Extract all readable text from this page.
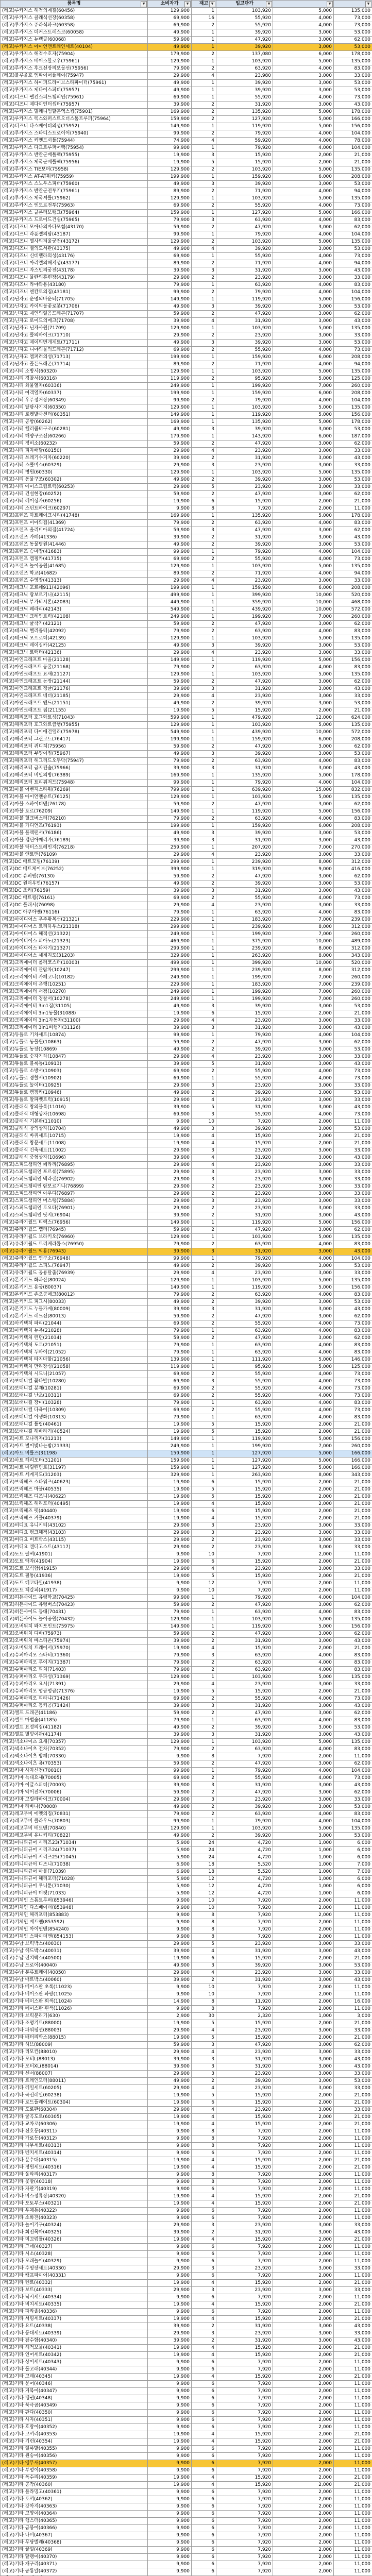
품목명 ▼	소비자가 ▼	재고 ▼	입고단가 ▼	▼	▼

(레고)루카지스 해적의계절(60456)	129,900	1	103,920	5,000	135,000
(레고)루카지스 클래식선장(60358)	69,900	16	55,920	4,000	73,000
(레고)루카지스 쥬라식파크(60358)	69,900	2	55,920	4,000	73,000
(레고)루카지스 더커스트레스코(60058)	49,900	1	39,920	3,000	53,000
(레고)루카지스 뉴렉클(60068)	59,900	1	47,920	3,000	62,000
(레고)루카지스 아이언맨트래인세트(40104)	49,900	1	39,920	3,000	53,000
(레고)루카지스 해적수호자(75904)	179,900	2	137,080	6,000	178,000
(레고)루카지스 베어스할로우(75961)	129,900	1	103,920	5,000	135,000
(레고)루카지스 후크선장의보물선(75956)	79,900	2	63,920	4,000	83,000
(레고)블루울호 엠파이어플레이(75947)	29,900	4	23,980	3,000	33,000
(레고)루카지스 하이퍼드라이브스타파이터(75961)	49,900	1	39,920	3,000	53,000
(레고)루카지스 제다이스피더(75957)	49,900	1	39,920	3,000	53,000
(레고)디즈니 팰컨스피드챔피언(75961)	69,900	1	55,920	4,000	73,000
(레고)디즈니 제다이인터셉터(75957)	39,900	2	31,920	3,000	43,000
(레고)루카지스 밀레니엄팔콘엑스윙(75901)	169,900	2	135,920	5,000	178,000
(레고)루카지스 렉스와퍼스트오더스톰트루퍼(75964)	159,900	2	127,920	5,000	166,000
(레고)디즈니 다스베이더의성(75952)	149,900	1	119,920	5,000	156,000
(레고)루카지스 스타디스트로이어(75940)	99,900	2	79,920	4,000	104,000
(레고)루카지스 커맨드셔틀(75944)	74,900	4	59,920	4,000	78,000
(레고)루카지스 다크트루퍼어택(75954)	99,900	1	79,920	4,000	104,000
(레고)루카지스 반란군배틀팩(75955)	19,900	3	15,920	2,000	21,000
(레고)루카지스 제국군배틀팩(75956)	19,900	5	15,920	2,000	21,000
(레고)루카지스 TIE보머(75958)	129,900	2	103,920	5,000	135,000
(레고)루카지스 AT-AT워커(75959)	199,900	1	159,920	6,000	208,000
(레고)루카지스 스노우스피더(75960)	49,900	3	39,920	3,000	53,000
(레고)루카지스 반란군전투기(75961)	89,900	2	71,920	4,000	94,000
(레고)루카지스 제국셔틀(75962)	129,900	1	103,920	5,000	135,000
(레고)루카지스 엔도르전투(75963)	69,900	2	55,920	4,000	73,000
(레고)루카지스 클론터보탱크(75964)	159,900	1	127,920	5,000	166,000
(레고)루카지스 드로이드건쉽(75965)	79,900	3	63,920	4,000	83,000
(레고)디즈니 모아나의바다모험(43170)	59,900	2	47,920	3,000	62,000
(레고)디즈니 라푼젤의탑(43187)	99,900	1	79,920	4,000	104,000
(레고)디즈니 엘사의겨울궁전(43172)	129,900	2	103,920	5,000	135,000
(레고)디즈니 벨의도서관(43175)	49,900	4	39,920	3,000	53,000
(레고)디즈니 신데렐라의성(43176)	69,900	1	55,920	4,000	73,000
(레고)디즈니 아리엘의해저성(43177)	89,900	2	71,920	4,000	94,000
(레고)디즈니 자스민의궁전(43178)	39,900	3	31,920	3,000	43,000
(레고)디즈니 뮬란의훈련장(43179)	29,900	2	23,920	3,000	33,000
(레고)디즈니 라야와용(43180)	79,900	1	63,920	4,000	83,000
(레고)디즈니 엔칸토의집(43181)	99,900	2	79,920	4,000	104,000
(레고)닌자고 운명의바운티(71705)	149,900	1	119,920	5,000	156,000
(레고)닌자고 카이의불꽃로봇(71706)	49,900	3	39,920	3,000	53,000
(레고)닌자고 제인의얼음드래곤(71707)	59,900	2	47,920	3,000	62,000
(레고)닌자고 로이드의메크(71708)	39,900	4	31,920	3,000	43,000
(레고)닌자고 닌자사원(71709)	129,900	1	103,920	5,000	135,000
(레고)닌자고 콜의바이크(71710)	29,900	2	23,920	3,000	33,000
(레고)닌자고 제이의번개제트(71711)	49,900	3	39,920	3,000	53,000
(레고)닌자고 니야의물의드래곤(71712)	69,900	2	55,920	4,000	73,000
(레고)닌자고 엠퍼러의성(71713)	199,900	1	159,920	6,000	208,000
(레고)닌자고 골든드래곤(71714)	89,900	2	71,920	4,000	94,000
(레고)시티 소방서(60320)	129,900	1	103,920	5,000	135,000
(레고)시티 경찰서(60316)	119,900	2	95,920	5,000	125,000
(레고)시티 화물열차(60336)	249,900	1	199,920	7,000	260,000
(레고)시티 여객열차(60337)	199,900	1	159,920	6,000	208,000
(레고)시티 우주정거장(60349)	99,900	2	79,920	4,000	104,000
(레고)시티 달탐사기지(60350)	129,900	1	103,920	5,000	135,000
(레고)시티 로켓발사센터(60351)	149,900	1	119,920	5,000	156,000
(레고)시티 공항(60262)	169,900	1	135,920	5,000	178,000
(레고)시티 헬리콥터구조(60281)	49,900	3	39,920	3,000	53,000
(레고)시티 해양구조선(60266)	179,900	1	143,920	6,000	187,000
(레고)시티 정비소(60232)	59,900	2	47,920	3,000	62,000
(레고)시티 피자배달(60150)	29,900	4	23,920	3,000	33,000
(레고)시티 쓰레기수거차(60220)	39,900	2	31,920	3,000	43,000
(레고)시티 스쿨버스(60329)	29,900	3	23,920	3,000	33,000
(레고)시티 병원(60330)	129,900	1	103,920	5,000	135,000
(레고)시티 동물구조(60302)	49,900	2	39,920	3,000	53,000
(레고)시티 아이스크림트럭(60253)	29,900	5	23,920	3,000	33,000
(레고)시티 건설현장(60252)	59,900	2	47,920	3,000	62,000
(레고)시티 레이싱카(60256)	19,900	6	15,920	2,000	21,000
(레고)시티 스턴트바이크(60297)	9,900	8	7,920	2,000	11,000
(레고)프렌즈 하트레이크시티(41748)	169,900	1	135,920	5,000	178,000
(레고)프렌즈 미아의집(41369)	79,900	2	63,920	4,000	83,000
(레고)프렌즈 올리비아의집(41724)	59,900	3	47,920	3,000	62,000
(레고)프렌즈 카페(41336)	39,900	2	31,920	3,000	43,000
(레고)프렌즈 동물병원(41446)	49,900	2	39,920	3,000	53,000
(레고)프렌즈 승마장(41683)	99,900	1	79,920	4,000	104,000
(레고)프렌즈 캠핑카(41735)	69,900	2	55,920	4,000	73,000
(레고)프렌즈 놀이공원(41685)	129,900	1	103,920	5,000	135,000
(레고)프렌즈 학교(41682)	89,900	2	71,920	4,000	94,000
(레고)프렌즈 수영장(41313)	29,900	4	23,920	3,000	33,000
(레고)테크닉 포르쉐911(42096)	199,900	1	159,920	6,000	208,000
(레고)테크닉 람보르기니(42115)	499,900	1	399,920	10,000	520,000
(레고)테크닉 부가티시론(42083)	449,900	1	359,920	10,000	468,000
(레고)테크닉 페라리(42143)	549,900	1	439,920	10,000	572,000
(레고)테크닉 크레인트럭(42108)	249,900	1	199,920	7,000	260,000
(레고)테크닉 굴착기(42121)	59,900	2	47,920	3,000	62,000
(레고)테크닉 헬리콥터(42092)	79,900	2	63,920	4,000	83,000
(레고)테크닉 오프로더(42139)	129,900	1	103,920	5,000	135,000
(레고)테크닉 레이싱카(42125)	49,900	3	39,920	3,000	53,000
(레고)테크닉 트랙터(42136)	29,900	4	23,920	3,000	33,000
(레고)마인크래프트 마을(21128)	149,900	1	119,920	5,000	156,000
(레고)마인크래프트 동굴(21168)	79,900	2	63,920	4,000	83,000
(레고)마인크래프트 요새(21127)	129,900	1	103,920	5,000	135,000
(레고)마인크래프트 농장(21144)	59,900	2	47,920	3,000	62,000
(레고)마인크래프트 정글(21176)	39,900	3	31,920	3,000	43,000
(레고)마인크래프트 네더(21185)	29,900	4	23,920	3,000	33,000
(레고)마인크래프트 엔드(21151)	49,900	2	39,920	3,000	53,000
(레고)마인크래프트 집(21155)	19,900	5	15,920	2,000	21,000
(레고)해리포터 호그와트성(71043)	599,900	1	479,920	12,000	624,000
(레고)해리포터 호그와트급행(75955)	129,900	1	103,920	5,000	135,000
(레고)해리포터 다이애건앨리(75978)	549,900	1	439,920	10,000	572,000
(레고)해리포터 그린고트(76417)	199,900	1	159,920	6,000	208,000
(레고)해리포터 퀴디치(75956)	59,900	2	47,920	3,000	62,000
(레고)해리포터 부엉이집(75967)	49,900	3	39,920	3,000	53,000
(레고)해리포터 해그리드오두막(75947)	79,900	2	63,920	4,000	83,000
(레고)해리포터 금지된숲(75966)	39,900	3	31,920	3,000	43,000
(레고)해리포터 비밀의방(76389)	169,900	1	135,920	5,000	178,000
(레고)해리포터 트리위저드(75948)	99,900	1	79,920	4,000	104,000
(레고)마블 어벤져스타워(76269)	799,900	1	639,920	15,000	832,000
(레고)마블 아이언맨슈트(76125)	129,900	1	103,920	5,000	135,000
(레고)마블 스파이더맨(76178)	59,900	2	47,920	3,000	62,000
(레고)마블 토르(76209)	149,900	1	119,920	5,000	156,000
(레고)마블 헐크버스터(76210)	79,900	2	63,920	4,000	83,000
(레고)마블 가디언즈(76193)	199,900	1	159,920	6,000	208,000
(레고)마블 블랙팬서(76186)	49,900	3	39,920	3,000	53,000
(레고)마블 캡틴아메리카(76189)	39,900	3	31,920	3,000	43,000
(레고)마블 닥터스트레인지(76218)	259,900	1	207,920	7,000	270,000
(레고)마블 앤트맨(76109)	29,900	4	23,920	3,000	33,000
(레고)DC 배트모빌(76139)	299,900	1	239,920	8,000	312,000
(레고)DC 배트케이브(76252)	399,900	1	319,920	9,000	416,000
(레고)DC 슈퍼맨(76130)	59,900	2	47,920	3,000	62,000
(레고)DC 원더우먼(76157)	49,900	2	39,920	3,000	53,000
(레고)DC 조커(76159)	39,900	3	31,920	3,000	43,000
(레고)DC 배트윙(76161)	69,900	2	55,920	4,000	73,000
(레고)DC 플래시(76098)	29,900	4	23,920	3,000	33,000
(레고)DC 아쿠아맨(76116)	79,900	1	63,920	4,000	83,000
(레고)아이디어스 우주왕복선(21321)	229,900	1	183,920	7,000	239,000
(레고)아이디어스 트리하우스(21318)	299,900	1	239,920	8,000	312,000
(레고)아이디어스 해적선(21322)	249,900	1	199,920	7,000	260,000
(레고)아이디어스 피아노(21323)	469,900	1	375,920	10,000	489,000
(레고)아이디어스 타자기(21327)	299,900	1	239,920	8,000	312,000
(레고)아이디어스 세계지도(31203)	329,900	1	263,920	8,000	343,000
(레고)크리에이터 롤러코스터(10303)	499,900	1	399,920	10,000	520,000
(레고)크리에이터 관람차(10247)	299,900	1	239,920	8,000	312,000
(레고)크리에이터 카페코너(10182)	249,900	1	199,920	7,000	260,000
(레고)크리에이터 은행(10251)	229,900	1	183,920	7,000	239,000
(레고)크리에이터 서점(10270)	249,900	1	199,920	7,000	260,000
(레고)크리에이터 경찰서(10278)	249,900	1	199,920	7,000	260,000
(레고)크리에이터 3in1집(31105)	49,900	3	39,920	3,000	53,000
(레고)크리에이터 3in1동물(31088)	19,900	6	15,920	2,000	21,000
(레고)크리에이터 3in1자동차(31100)	29,900	4	23,920	3,000	33,000
(레고)크리에이터 3in1비행기(31126)	39,900	3	31,920	3,000	43,000
(레고)듀플로 기차세트(10874)	99,900	1	79,920	4,000	104,000
(레고)듀플로 동물원(10863)	59,900	2	47,920	3,000	62,000
(레고)듀플로 농장(10869)	49,900	2	39,920	3,000	53,000
(레고)듀플로 숫자기차(10847)	29,900	4	23,920	3,000	33,000
(레고)듀플로 블록통(10913)	39,900	5	31,920	3,000	43,000
(레고)듀플로 소방서(10903)	69,900	2	55,920	4,000	73,000
(레고)듀플로 경찰서(10902)	69,900	1	55,920	4,000	73,000
(레고)듀플로 놀이터(10925)	29,900	3	23,920	3,000	33,000
(레고)듀플로 캠핑카(10946)	49,900	2	39,920	3,000	53,000
(레고)듀플로 알파벳트럭(10915)	29,900	4	23,920	3,000	33,000
(레고)클래식 창의블록(11016)	39,900	5	31,920	3,000	43,000
(레고)클래식 대형상자(10698)	69,900	3	55,920	4,000	73,000
(레고)클래식 기본판(11010)	9,900	10	7,920	2,000	11,000
(레고)클래식 창의상자(10704)	49,900	3	39,920	3,000	53,000
(레고)클래식 바퀴세트(10715)	19,900	4	15,920	2,000	21,000
(레고)클래식 창문세트(11008)	19,900	4	15,920	2,000	21,000
(레고)클래식 건축세트(11002)	29,900	3	23,920	3,000	33,000
(레고)클래식 중형상자(10696)	39,900	4	31,920	3,000	43,000
(레고)스피드챔피언 페라리(76895)	29,900	4	23,920	3,000	33,000
(레고)스피드챔피언 포르쉐(75895)	29,900	3	23,920	3,000	33,000
(레고)스피드챔피언 맥라렌(76902)	29,900	3	23,920	3,000	33,000
(레고)스피드챔피언 람보르기니(76899)	29,900	2	23,920	3,000	33,000
(레고)스피드챔피언 아우디(76897)	29,900	2	23,920	3,000	33,000
(레고)스피드챔피언 머스탱(75884)	29,900	3	23,920	3,000	33,000
(레고)스피드챔피언 토요타(76901)	29,900	2	23,920	3,000	33,000
(레고)스피드챔피언 닷지(76904)	39,900	2	31,920	3,000	43,000
(레고)쥬라기월드 티렉스(76956)	149,900	1	119,920	5,000	156,000
(레고)쥬라기월드 랩터(76945)	59,900	2	47,920	3,000	62,000
(레고)쥬라기월드 브라키오(76960)	129,900	1	103,920	5,000	135,000
(레고)쥬라기월드 트리케라톱스(76950)	79,900	2	63,920	4,000	83,000
(레고)쥬라기월드 익룡(76943)	39,900	3	31,920	3,000	43,000
(레고)쥬라기월드 연구소(76948)	99,900	1	79,920	4,000	104,000
(레고)쥬라기월드 스피노(76947)	49,900	2	39,920	3,000	53,000
(레고)쥬라기월드 공룡탈출(76939)	29,900	4	23,920	3,000	33,000
(레고)몬키키드 화과산(80024)	129,900	1	103,920	5,000	135,000
(레고)몬키키드 용궁(80037)	149,900	1	119,920	5,000	156,000
(레고)몬키키드 손오공메크(80012)	79,900	2	63,920	4,000	83,000
(레고)몬키키드 피그시(80033)	49,900	2	39,920	3,000	53,000
(레고)몬키키드 누들가게(80009)	39,900	3	31,920	3,000	43,000
(레고)몬키키드 레드선(80013)	59,900	2	47,920	3,000	62,000
(레고)아키텍처 파리(21044)	69,900	2	55,920	4,000	73,000
(레고)아키텍처 뉴욕(21028)	79,900	1	63,920	4,000	83,000
(레고)아키텍처 런던(21034)	59,900	2	47,920	3,000	62,000
(레고)아키텍처 도쿄(21051)	79,900	1	63,920	4,000	83,000
(레고)아키텍처 두바이(21052)	79,900	1	63,920	4,000	83,000
(레고)아키텍처 타지마할(21056)	139,900	1	111,920	5,000	146,000
(레고)아키텍처 만리장성(21058)	119,900	1	95,920	5,000	125,000
(레고)아키텍처 시드니(21057)	69,900	2	55,920	4,000	73,000
(레고)보태니컬 꽃다발(10280)	69,900	3	55,920	4,000	73,000
(레고)보태니컬 분재(10281)	69,900	2	55,920	4,000	73,000
(레고)보태니컬 난초(10311)	69,900	2	55,920	4,000	73,000
(레고)보태니컬 장미(10328)	79,900	1	63,920	4,000	83,000
(레고)보태니컬 다육이(10309)	69,900	2	55,920	4,000	73,000
(레고)보태니컬 야생화(10313)	79,900	1	63,920	4,000	83,000
(레고)보태니컬 튤립(40461)	19,900	5	15,920	2,000	21,000
(레고)보태니컬 해바라기(40524)	19,900	5	15,920	2,000	21,000
(레고)아트 모나리자(31213)	149,900	1	119,920	5,000	156,000
(레고)아트 별이빛나는밤(21333)	249,900	1	199,920	7,000	260,000
(레고)아트 비틀즈(31198)	159,900	1	127,920	5,000	166,000
(레고)아트 해리포터(31201)	159,900	1	127,920	5,000	166,000
(레고)아트 마릴린먼로(31197)	159,900	1	127,920	5,000	166,000
(레고)아트 세계지도(31203)	329,900	1	263,920	8,000	343,000
(레고)브릭헤즈 스타워즈(40623)	19,900	6	15,920	2,000	21,000
(레고)브릭헤즈 마블(40535)	19,900	5	15,920	2,000	21,000
(레고)브릭헤즈 디즈니(40622)	19,900	5	15,920	2,000	21,000
(레고)브릭헤즈 해리포터(40495)	19,900	4	15,920	2,000	21,000
(레고)브릭헤즈 펫(40440)	19,900	6	15,920	2,000	21,000
(레고)브릭헤즈 커플(40379)	19,900	4	15,920	2,000	21,000
(레고)비디요 유니키티(43102)	29,900	3	23,920	3,000	33,000
(레고)비디요 펑크해적(43103)	29,900	3	23,920	3,000	33,000
(레고)비디요 비트박스(43115)	29,900	2	23,920	3,000	33,000
(레고)비디요 캔디고스트(43117)	29,900	2	23,920	3,000	33,000
(레고)도트 팔찌(41901)	9,900	10	7,920	2,000	11,000
(레고)도트 액자(41904)	19,900	6	15,920	2,000	21,000
(레고)도트 보석함(41915)	29,900	4	23,920	3,000	33,000
(레고)도트 필통(41936)	19,900	5	15,920	2,000	21,000
(레고)도트 데코타일(41938)	9,900	12	7,920	2,000	11,000
(레고)도트 책갈피(41917)	9,900	10	7,920	2,000	11,000
(레고)히든사이드 유령학교(70425)	99,900	1	79,920	4,000	104,000
(레고)히든사이드 유령버스(70423)	59,900	2	47,920	3,000	62,000
(레고)히든사이드 등대(70431)	79,900	1	63,920	4,000	83,000
(레고)히든사이드 놀이공원(70432)	129,900	1	103,920	5,000	135,000
(레고)오버워치 와치포인트(75975)	149,900	1	119,920	5,000	156,000
(레고)오버워치 디바(75973)	59,900	2	47,920	3,000	62,000
(레고)오버워치 바스티온(75974)	39,900	2	31,920	3,000	43,000
(레고)오버워치 트레이서(75970)	19,900	4	15,920	2,000	21,000
(레고)슈퍼마리오 스타터(71360)	79,900	3	63,920	4,000	83,000
(레고)슈퍼마리오 루이지(71387)	79,900	2	63,920	4,000	83,000
(레고)슈퍼마리오 피치(71403)	79,900	2	63,920	4,000	83,000
(레고)슈퍼마리오 쿠파성(71369)	129,900	1	103,920	5,000	135,000
(레고)슈퍼마리오 요시(71391)	29,900	4	23,920	3,000	33,000
(레고)슈퍼마리오 엉금엉금(71376)	19,900	5	15,920	2,000	21,000
(레고)슈퍼마리오 피라냐(71426)	69,900	2	55,920	4,000	73,000
(레고)슈퍼마리오 동키콩(71424)	39,900	3	31,920	3,000	43,000
(레고)엘프 드래곤(41186)	59,900	2	47,920	3,000	62,000
(레고)엘프 마법숲(41185)	79,900	1	63,920	4,000	83,000
(레고)엘프 요정의집(41182)	49,900	2	39,920	3,000	53,000
(레고)엘프 별빛여관(41174)	39,900	3	31,920	3,000	43,000
(레고)넥소나이츠 요새(70357)	129,900	1	103,920	5,000	135,000
(레고)넥소나이츠 전차(70352)	79,900	2	63,920	4,000	83,000
(레고)넥소나이츠 방패(70330)	9,900	8	7,920	2,000	11,000
(레고)넥소나이츠 용(70353)	59,900	2	47,920	3,000	62,000
(레고)키마 사자신전(70010)	99,900	1	79,920	4,000	104,000
(레고)키마 늑대요새(70005)	69,900	2	55,920	4,000	73,000
(레고)키마 이글스피더(70003)	39,900	3	31,920	3,000	43,000
(레고)키마 악어전차(70006)	59,900	2	47,920	3,000	62,000
(레고)키마 고릴라바이크(70004)	29,900	3	23,920	3,000	33,000
(레고)키마 라바나(70008)	49,900	2	39,920	3,000	53,000
(레고)레고무비 에멧의집(70831)	79,900	2	63,920	4,000	83,000
(레고)레고무비 클라우드(70803)	99,900	1	79,920	4,000	104,000
(레고)레고무비 배트맨(70840)	129,900	1	103,920	5,000	135,000
(레고)레고무비 유니키티(70822)	49,900	2	39,920	3,000	53,000
(레고)미니피규어 시리즈23(71034)	5,900	24	4,720	1,000	6,000
(레고)미니피규어 시리즈24(71037)	5,900	24	4,720	1,000	6,000
(레고)미니피규어 시리즈25(71045)	5,900	24	4,720	1,000	6,000
(레고)미니피규어 디즈니(71038)	6,900	18	5,520	1,000	7,000
(레고)미니피규어 마블(71039)	6,900	18	5,520	1,000	7,000
(레고)미니피규어 해리포터(71028)	5,900	12	4,720	1,000	6,000
(레고)미니피규어 루니툰(71030)	5,900	12	4,720	1,000	6,000
(레고)미니피규어 머펫(71033)	5,900	12	4,720	1,000	6,000
(레고)키체인 스톰트루퍼(853946)	9,900	10	7,920	2,000	11,000
(레고)키체인 다스베이더(853948)	9,900	10	7,920	2,000	11,000
(레고)키체인 해리포터(853883)	9,900	8	7,920	2,000	11,000
(레고)키체인 배트맨(853592)	9,900	8	7,920	2,000	11,000
(레고)키체인 아이언맨(854240)	9,900	8	7,920	2,000	11,000
(레고)키체인 스파이더맨(854153)	9,900	8	7,920	2,000	11,000
(레고)수납 브릭박스(40030)	29,900	5	23,920	3,000	33,000
(레고)수납 헤드박스(40031)	39,900	4	31,920	3,000	43,000
(레고)수납 런치박스(40500)	19,900	6	15,920	2,000	21,000
(레고)수납 드로어(40040)	49,900	3	39,920	3,000	53,000
(레고)수납 분류트레이(40050)	29,900	4	23,920	3,000	33,000
(레고)수납 매트박스(40060)	39,900	2	31,920	3,000	43,000
(레고)기타 베이스판 초록(11023)	9,900	10	7,920	2,000	11,000
(레고)기타 베이스판 파랑(11025)	9,900	10	7,920	2,000	11,000
(레고)기타 베이스판 회색(11024)	14,900	8	11,920	2,000	16,000
(레고)기타 베이스판 흰색(11026)	9,900	8	7,920	2,000	11,000
(레고)기타 브릭분리기(630)	2,900	30	2,320	1,000	3,000
(레고)기타 조명키트(88000)	19,900	5	15,920	2,000	21,000
(레고)기타 파워펑션(88003)	29,900	4	23,920	3,000	33,000
(레고)기타 배터리박스(88015)	19,900	5	15,920	2,000	21,000
(레고)기타 허브(88009)	59,900	3	47,920	3,000	62,000
(레고)기타 리모컨(88010)	29,900	4	23,920	3,000	33,000
(레고)기타 모터L(88013)	39,900	3	31,920	3,000	43,000
(레고)기타 모터XL(88014)	39,900	3	31,920	3,000	43,000
(레고)기타 센서(88007)	29,900	3	23,920	3,000	33,000
(레고)기타 트레인모터(88011)	49,900	2	39,920	3,000	53,000
(레고)기타 레일세트(60205)	29,900	4	23,920	3,000	33,000
(레고)기타 곡선레일(60238)	19,900	5	15,920	2,000	21,000
(레고)기타 로드플레이트(60304)	19,900	6	15,920	2,000	21,000
(레고)기타 도로판(60304)	29,900	4	23,920	3,000	33,000
(레고)기타 굴곡도로(60305)	19,900	4	15,920	2,000	21,000
(레고)기타 교차로(60306)	19,900	4	15,920	2,000	21,000
(레고)기타 신호등(40311)	9,900	8	7,920	2,000	11,000
(레고)기타 가로등(40312)	9,900	8	7,920	2,000	11,000
(레고)기타 나무세트(40313)	9,900	8	7,920	2,000	11,000
(레고)기타 벤치세트(40314)	9,900	6	7,920	2,000	11,000
(레고)기타 분수대(40315)	19,900	4	15,920	2,000	21,000
(레고)기타 정원세트(40316)	19,900	4	15,920	2,000	21,000
(레고)기타 울타리(40317)	9,900	8	7,920	2,000	11,000
(레고)기타 꽃밭(40318)	9,900	8	7,920	2,000	11,000
(레고)기타 자판기(40319)	9,900	6	7,920	2,000	11,000
(레고)기타 버스정류장(40320)	19,900	4	15,920	2,000	21,000
(레고)기타 포토부스(40321)	19,900	4	15,920	2,000	21,000
(레고)기타 우체통(40322)	9,900	6	7,920	2,000	11,000
(레고)기타 소화전(40323)	9,900	6	7,920	2,000	11,000
(레고)기타 놀이기구(40324)	29,900	3	23,920	3,000	33,000
(레고)기타 회전목마(40325)	39,900	2	31,920	3,000	43,000
(레고)기타 미끄럼틀(40326)	19,900	4	15,920	2,000	21,000
(레고)기타 그네(40327)	9,900	6	7,920	2,000	11,000
(레고)기타 시소(40328)	9,900	6	7,920	2,000	11,000
(레고)기타 모래놀이(40329)	9,900	6	7,920	2,000	11,000
(레고)기타 수영장세트(40330)	29,900	3	23,920	3,000	33,000
(레고)기타 캠프파이어(40331)	9,900	6	7,920	2,000	11,000
(레고)기타 텐트(40332)	19,900	4	15,920	2,000	21,000
(레고)기타 보트(40333)	29,900	3	23,920	3,000	33,000
(레고)기타 낚시세트(40334)	9,900	6	7,920	2,000	11,000
(레고)기타 비치세트(40335)	19,900	4	15,920	2,000	21,000
(레고)기타 파라솔(40336)	9,900	6	7,920	2,000	11,000
(레고)기타 서핑세트(40337)	19,900	4	15,920	2,000	21,000
(레고)기타 요트(40338)	39,900	2	31,920	3,000	43,000
(레고)기타 등대세트(40339)	29,900	3	23,920	3,000	33,000
(레고)기타 잠수함(40340)	39,900	2	31,920	3,000	43,000
(레고)기타 해적보물(40341)	19,900	4	15,920	2,000	21,000
(레고)기타 인어세트(40342)	19,900	4	15,920	2,000	21,000
(레고)기타 상어세트(40343)	9,900	6	7,920	2,000	11,000
(레고)기타 돌고래(40344)	9,900	6	7,920	2,000	11,000
(레고)기타 고래(40345)	19,900	4	15,920	2,000	21,000
(레고)기타 문어(40346)	9,900	6	7,920	2,000	11,000
(레고)기타 거북이(40347)	9,900	6	7,920	2,000	11,000
(레고)기타 펭귄(40348)	9,900	6	7,920	2,000	11,000
(레고)기타 북극곰(40349)	9,900	6	7,920	2,000	11,000
(레고)기타 판다(40350)	9,900	6	7,920	2,000	11,000
(레고)기타 사자(40351)	9,900	6	7,920	2,000	11,000
(레고)기타 호랑이(40352)	9,900	6	7,920	2,000	11,000
(레고)기타 코끼리(40353)	19,900	4	15,920	2,000	21,000
(레고)기타 기린(40354)	19,900	4	15,920	2,000	21,000
(레고)기타 얼룩말(40355)	9,900	6	7,920	2,000	11,000
(레고)기타 원숭이(40356)	9,900	6	7,920	2,000	11,000
(레고)기타 앵무새(40357)	9,900	6	7,920	2,000	11,000
(레고)기타 부엉이(40358)	9,900	6	7,920	2,000	11,000
(레고)기타 독수리(40359)	19,900	4	15,920	2,000	21,000
(레고)기타 공작(40360)	19,900	4	15,920	2,000	21,000
(레고)기타 플라밍고(40361)	9,900	6	7,920	2,000	11,000
(레고)기타 토끼(40362)	9,900	6	7,920	2,000	11,000
(레고)기타 강아지(40363)	9,900	6	7,920	2,000	11,000
(레고)기타 고양이(40364)	9,900	6	7,920	2,000	11,000
(레고)기타 햄스터(40365)	9,900	6	7,920	2,000	11,000
(레고)기타 금붕어(40366)	9,900	6	7,920	2,000	11,000
(레고)기타 나비(40367)	9,900	6	7,920	2,000	11,000
(레고)기타 무당벌레(40368)	9,900	6	7,920	2,000	11,000
(레고)기타 꿀벌(40369)	9,900	6	7,920	2,000	11,000
(레고)기타 달팽이(40370)	9,900	6	7,920	2,000	11,000
(레고)기타 개구리(40371)	9,900	6	7,920	2,000	11,000
(레고)기타 공룡알(40372)	9,900	6	7,920	2,000	11,000
